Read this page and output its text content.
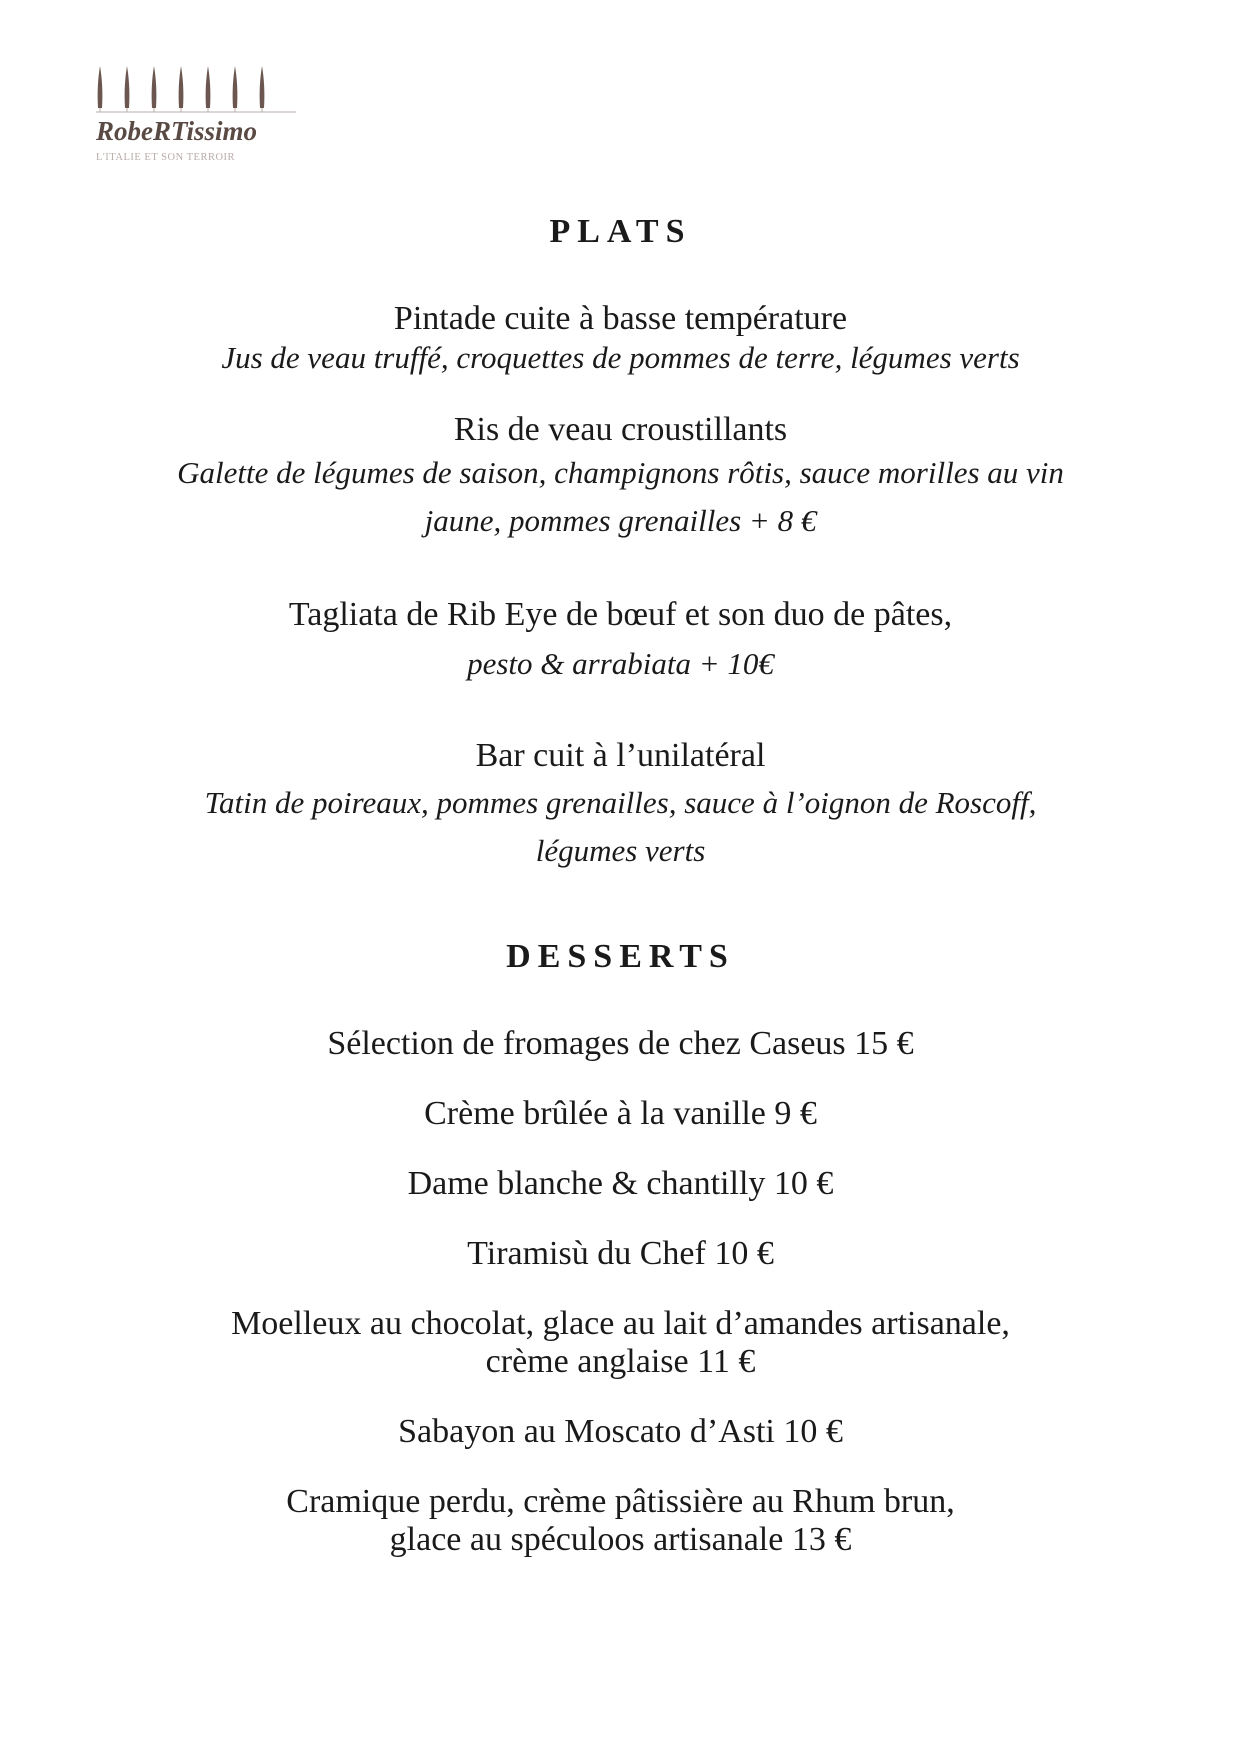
RobeRTissimo
L'ITALIE ET SON TERROIR
PLATS
Pintade cuite à basse température
Jus de veau truffé, croquettes de pommes de terre, légumes verts
Ris de veau croustillants
Galette de légumes de saison, champignons rôtis, sauce morilles au vin
jaune, pommes grenailles + 8 €
Tagliata de Rib Eye de bœuf et son duo de pâtes,
pesto & arrabiata + 10€
Bar cuit à l’unilatéral
Tatin de poireaux, pommes grenailles, sauce à l’oignon de Roscoff,
légumes verts
DESSERTS
Sélection de fromages de chez Caseus 15 €
Crème brûlée à la vanille 9 €
Dame blanche & chantilly 10 €
Tiramisù du Chef 10 €
Moelleux au chocolat, glace au lait d’amandes artisanale,
crème anglaise 11 €
Sabayon au Moscato d’Asti 10 €
Cramique perdu, crème pâtissière au Rhum brun,
glace au spéculoos artisanale 13 €
